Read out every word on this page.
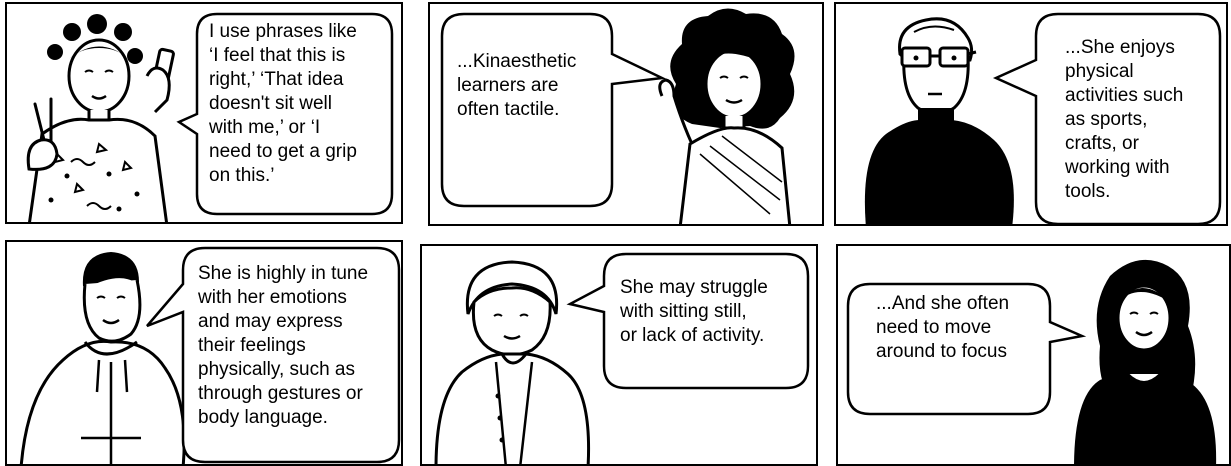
I use phrases like
‘I feel that this is
right,’ ‘That idea
doesn't sit well
with me,’ or ‘I
need to get a grip
on this.’

...Kinaesthetic
learners are
often tactile.

...She enjoys
physical
activities such
as sports,
crafts, or
working with
tools.

She is highly in tune
with her emotions
and may express
their feelings
physically, such as
through gestures or
body language.

She may struggle
with sitting still,
or lack of activity.

...And she often
need to move
around to focus
